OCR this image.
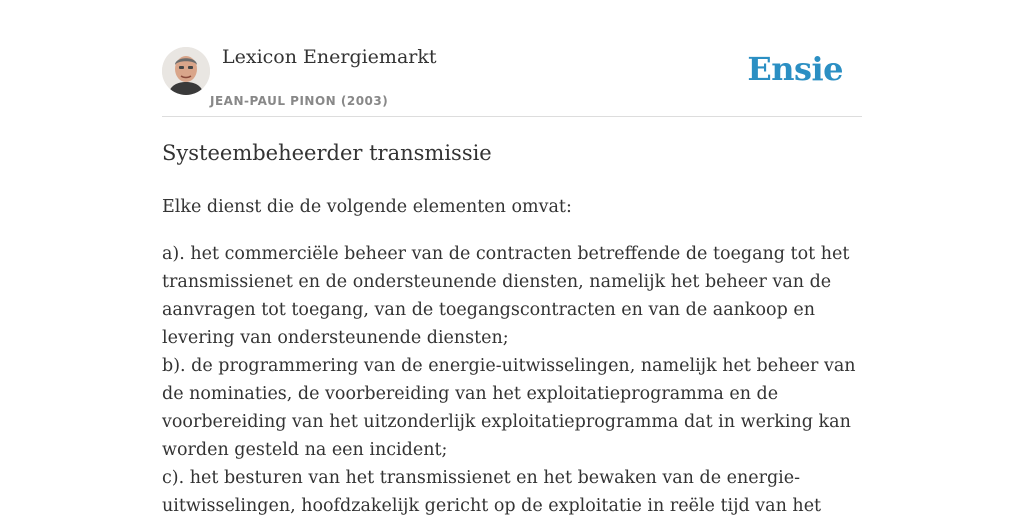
Lexicon Energiemarkt
JEAN-PAUL PINON (2003)
Ensie
Systeembeheerder transmissie

Elke dienst die de volgende elementen omvat:

a). het commerciële beheer van de contracten betreffende de toegang tot het transmissienet en de ondersteunende diensten, namelijk het beheer van de aanvragen tot toegang, van de toegangscontracten en van de aankoop en levering van ondersteunende diensten;

b). de programmering van de energie-uitwisselingen, namelijk het beheer van de nominaties, de voorbereiding van het exploitatieprogramma en de voorbereiding van het uitzonderlijk exploitatieprogramma dat in werking kan worden gesteld na een incident;

c). het besturen van het transmissienet en het bewaken van de energie-uitwisselingen, hoofdzakelijk gericht op de exploitatie in reële tijd van het
